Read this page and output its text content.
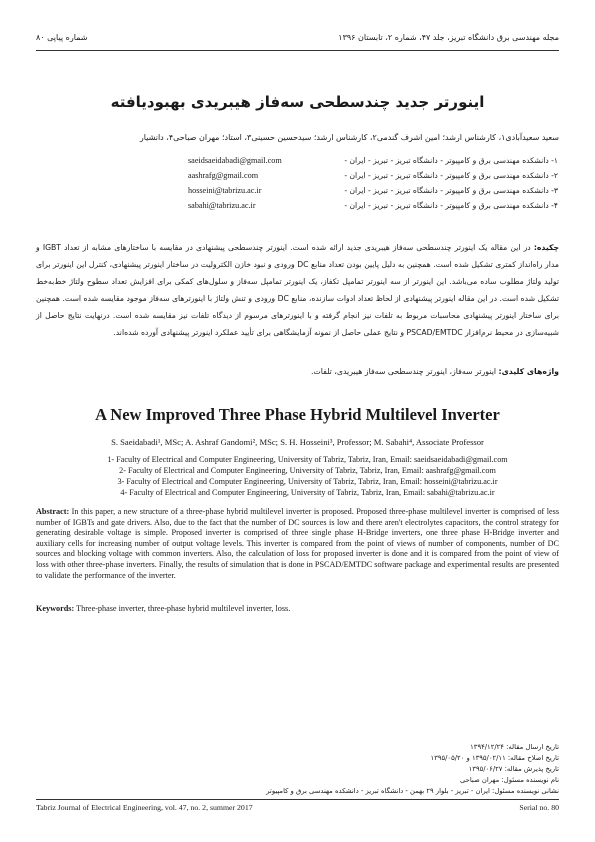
مجله مهندسی برق دانشگاه تبریز، جلد ۴۷، شماره ۲، تابستان ۱۳۹۶
شماره پیاپی ۸۰
اینورتر جدید چندسطحی سه‌فاز هیبریدی بهبودیافته
سعید سعیدآبادی۱، کارشناس ارشد؛ امین اشرف گندمی۲، کارشناس ارشد؛ سیدحسین حسینی۳، استاد؛ مهران صباحی۴، دانشیار
۱- دانشکده مهندسی برق و کامپیوتر - دانشگاه تبریز - تبریز - ایران -
saeidsaeidabadi@gmail.com
۲- دانشکده مهندسی برق و کامپیوتر - دانشگاه تبریز - تبریز - ایران -
aashrafg@gmail.com
۳- دانشکده مهندسی برق و کامپیوتر - دانشگاه تبریز - تبریز - ایران -
hosseini@tabrizu.ac.ir
۴- دانشکده مهندسی برق و کامپیوتر - دانشگاه تبریز - تبریز - ایران -
sabahi@tabrizu.ac.ir
چکیده: در این مقاله یک اینورتر چندسطحی سه‌فاز هیبریدی جدید ارائه شده است. اینورتر چندسطحی پیشنهادی در مقایسه با ساختارهای مشابه از تعداد IGBT و مدار راه‌انداز کمتری تشکیل شده است. همچنین به دلیل پایین بودن تعداد منابع DC ورودی و نبود خازن الکترولیت در ساختار اینورتر پیشنهادی، کنترل این اینورتر برای تولید ولتاژ مطلوب ساده می‌باشد. این اینورتر از سه اینورتر تمامپل تکفاز، یک اینورتر تمامپل سه‌فاز و سلول‌های کمکی برای افزایش تعداد سطوح ولتاژ خط‌به‌خط تشکیل شده است. در این مقاله اینورتر پیشنهادی از لحاظ تعداد ادوات سازنده، منابع DC ورودی و تنش ولتاژ با اینورترهای سه‌فاز موجود مقایسه شده است. همچنین برای ساختار اینورتر پیشنهادی محاسبات مربوط به تلفات نیز انجام گرفته و با اینورترهای مرسوم از دیدگاه تلفات نیز مقایسه شده است. درنهایت نتایج حاصل از شبیه‌سازی در محیط نرم‌افزار PSCAD/EMTDC و نتایج عملی حاصل از نمونه آزمایشگاهی برای تأیید عملکرد اینورتر پیشنهادی آورده شده‌اند.
واژه‌های کلیدی: اینورتر سه‌فاز، اینورتر چندسطحی سه‌فاز هیبریدی، تلفات.
A New Improved Three Phase Hybrid Multilevel Inverter
S. Saeidabadi¹, MSc; A. Ashraf Gandomi², MSc; S. H. Hosseini³, Professor; M. Sabahi⁴, Associate Professor
1- Faculty of Electrical and Computer Engineering, University of Tabriz, Tabriz, Iran, Email: saeidsaeidabadi@gmail.com
2- Faculty of Electrical and Computer Engineering, University of Tabriz, Tabriz, Iran, Email: aashrafg@gmail.com
3- Faculty of Electrical and Computer Engineering, University of Tabriz, Tabriz, Iran, Email: hosseini@tabrizu.ac.ir
4- Faculty of Electrical and Computer Engineering, University of Tabriz, Tabriz, Iran, Email: sabahi@tabrizu.ac.ir
Abstract: In this paper, a new structure of a three-phase hybrid multilevel inverter is proposed. Proposed three-phase multilevel inverter is comprised of less number of IGBTs and gate drivers. Also, due to the fact that the number of DC sources is low and there aren't electrolytes capacitors, the control strategy for generating desirable voltage is simple. Proposed inverter is comprised of three single phase H-Bridge inverters, one three phase H-Bridge inverter and auxiliary cells for increasing number of output voltage levels. This inverter is compared from the point of views of number of components, number of DC sources and blocking voltage with common inverters. Also, the calculation of loss for proposed inverter is done and it is compared from the point of view of loss with other three-phase inverters. Finally, the results of simulation that is done in PSCAD/EMTDC software package and experimental results are presented to validate the performance of the inverter.
Keywords: Three-phase inverter, three-phase hybrid multilevel inverter, loss.
تاریخ ارسال مقاله: ۱۳۹۴/۱۲/۲۴
تاریخ اصلاح مقاله: ۱۳۹۵/۰۲/۱۱ و ۱۳۹۵/۰۵/۲۰
تاریخ پذیرش مقاله: ۱۳۹۵/۰۶/۲۷
نام نویسنده مسئول: مهران صباحی
نشانی نویسنده مسئول: ایران - تبریز - بلوار ۲۹ بهمن - دانشگاه تبریز - دانشکده مهندسی برق و کامپیوتر
Tabriz Journal of Electrical Engineering, vol. 47, no. 2, summer 2017	Serial no. 80
